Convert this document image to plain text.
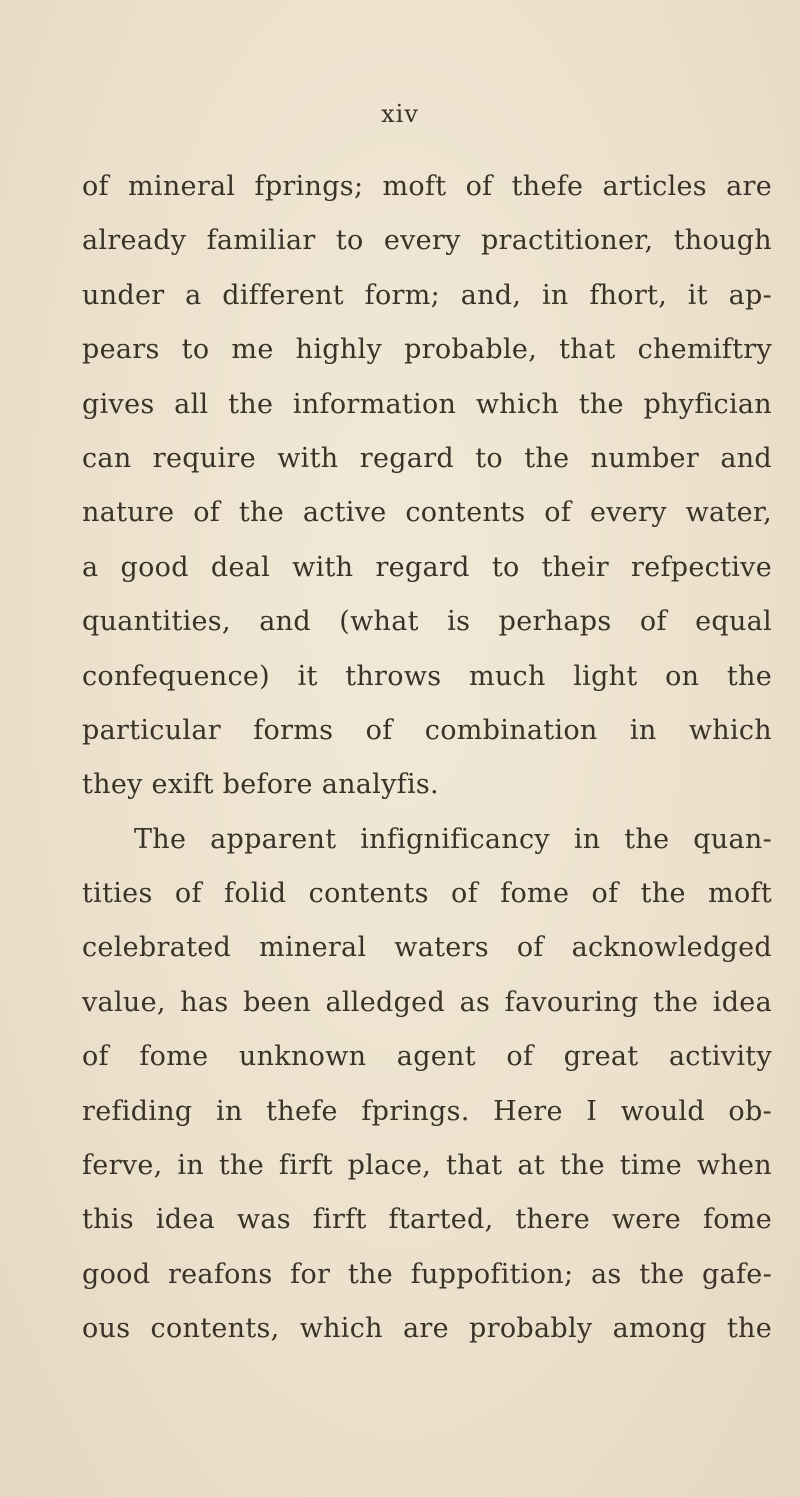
xiv
of mineral fprings; moft of thefe articles are
already familiar to every practitioner, though
under a different form; and, in fhort, it ap-
pears to me highly probable, that chemiftry
gives all the information which the phyfician
can require with regard to the number and
nature of the active contents of every water,
a good deal with regard to their refpective
quantities, and (what is perhaps of equal
confequence) it throws much light on the
particular forms of combination in which
they exift before analyfis.
The apparent infignificancy in the quan-
tities of folid contents of fome of the moft
celebrated mineral waters of acknowledged
value, has been alledged as favouring the idea
of fome unknown agent of great activity
refiding in thefe fprings. Here I would ob-
ferve, in the firft place, that at the time when
this idea was firft ftarted, there were fome
good reafons for the fuppofition; as the gafe-
ous contents, which are probably among the
